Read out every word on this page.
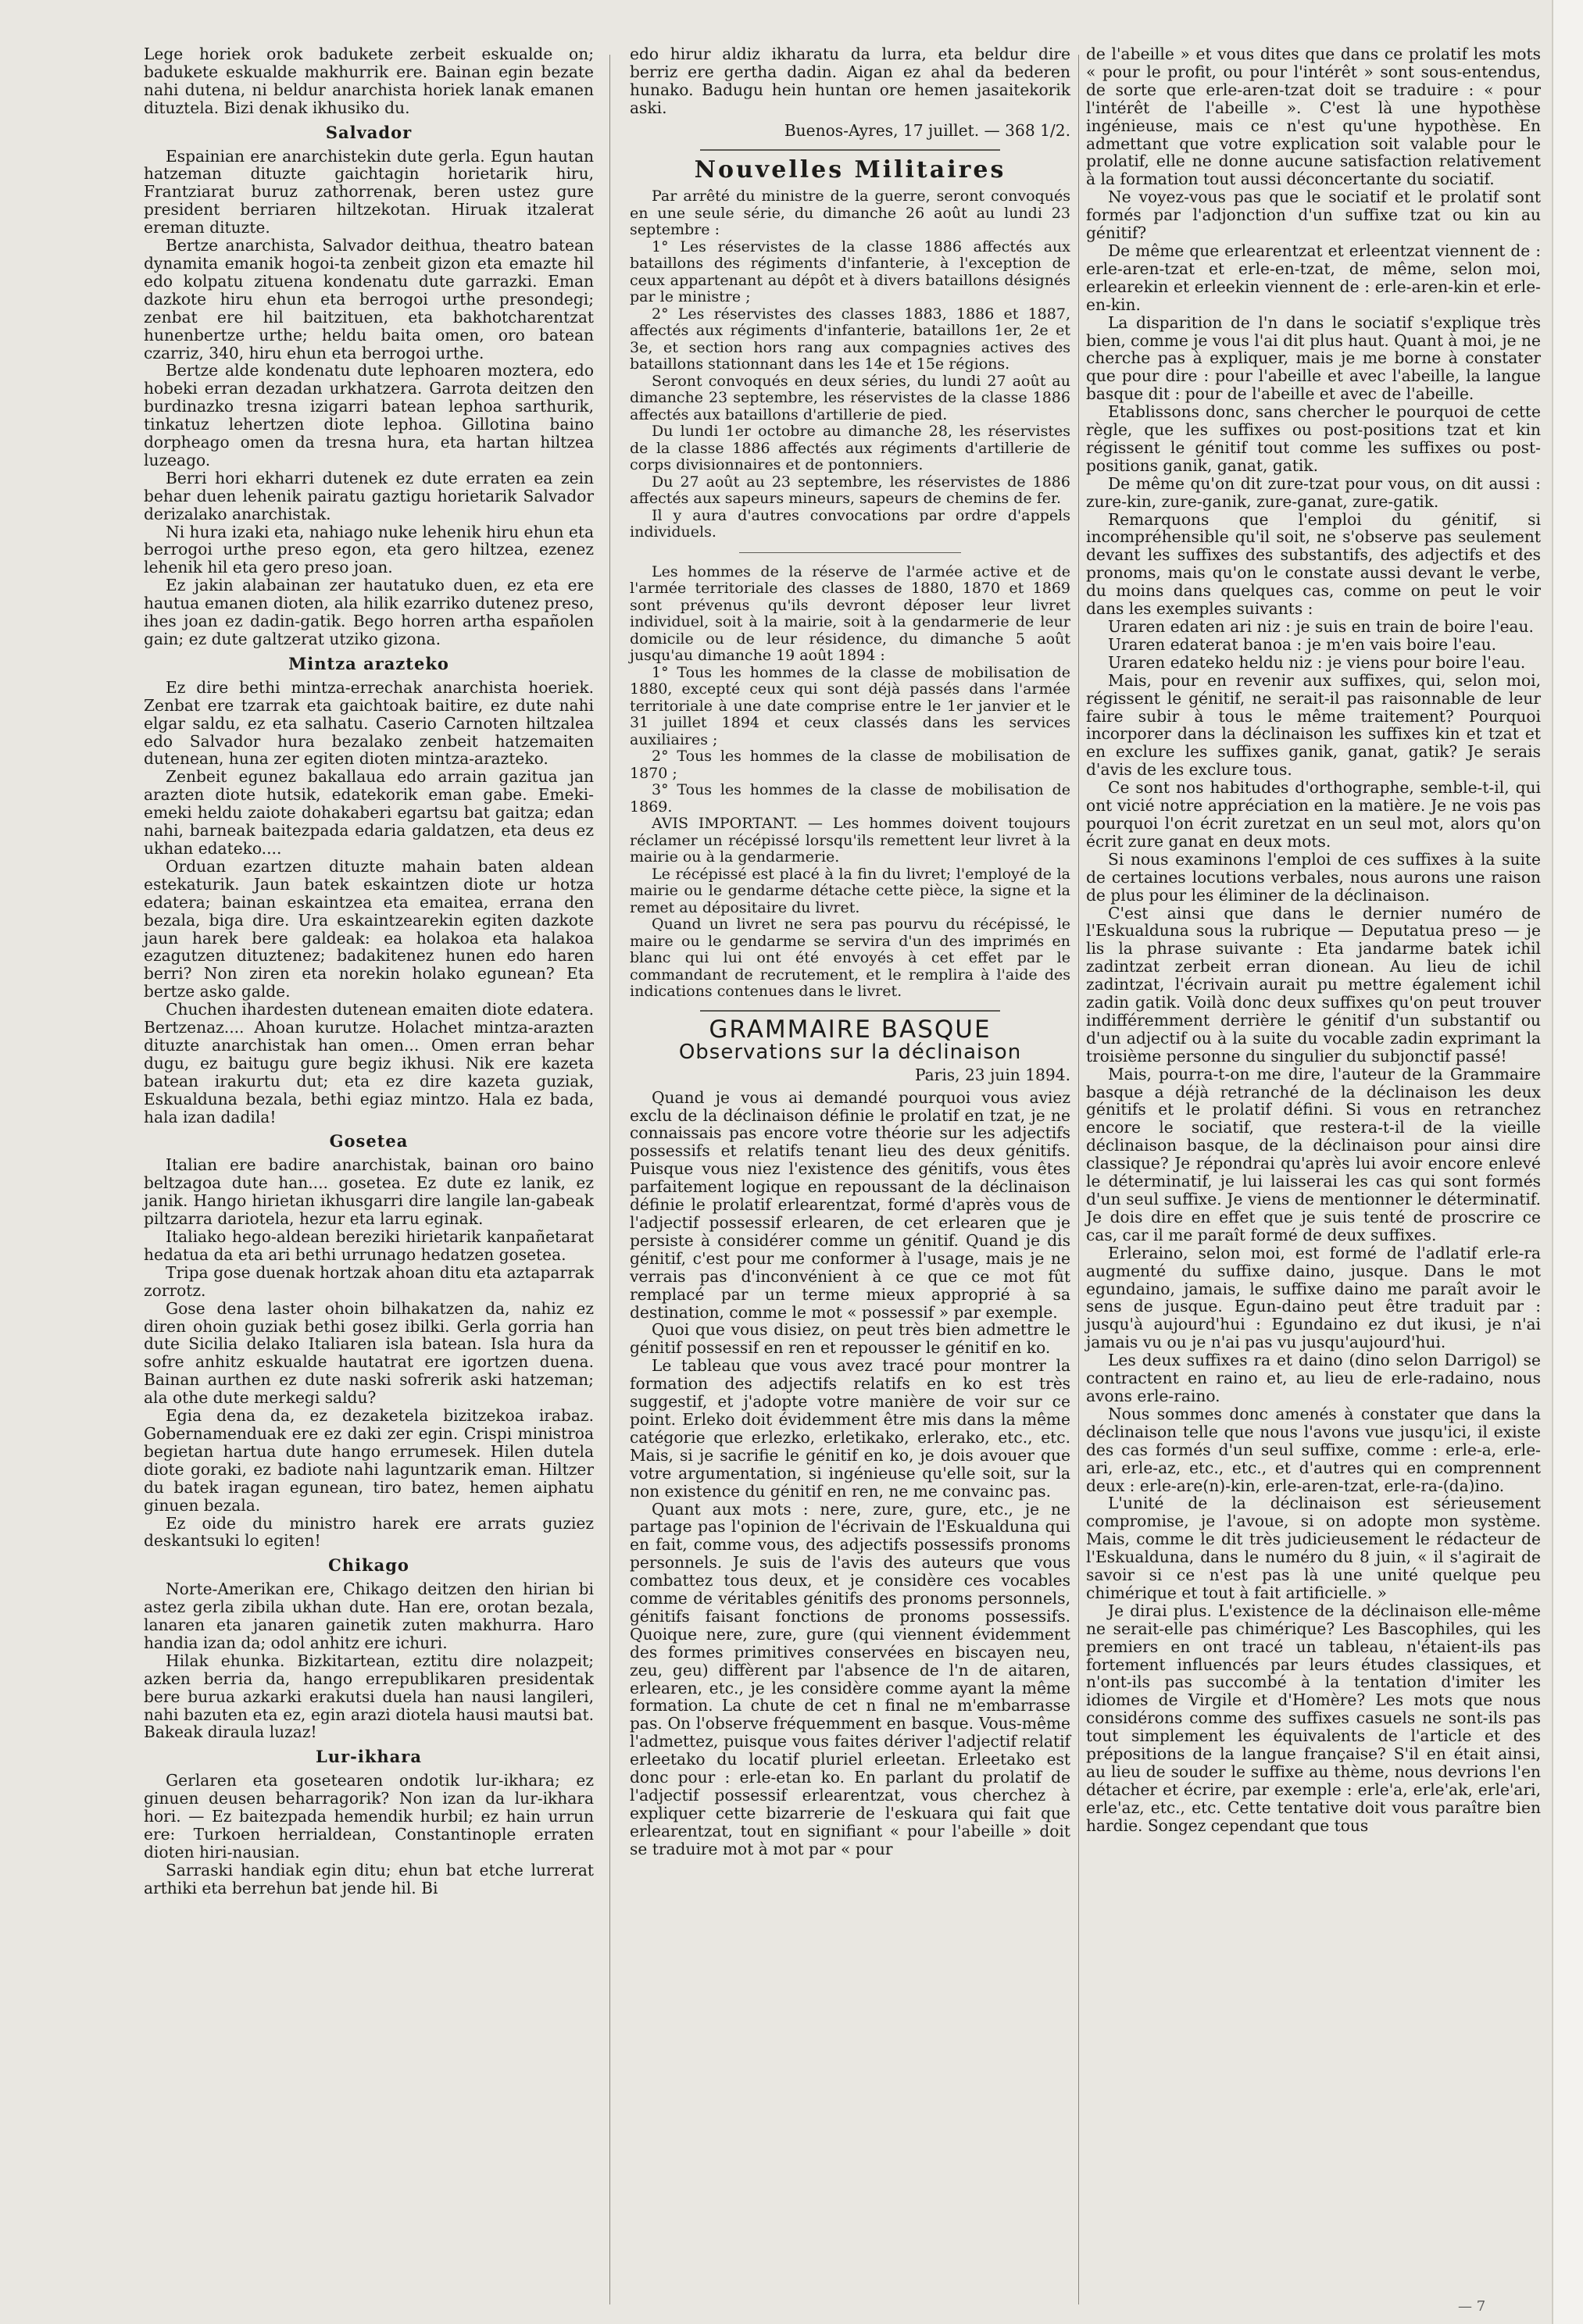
Lege horiek orok badukete zerbeit eskualde on; badukete eskualde makhurrik ere. Bainan egin bezate nahi dutena, ni beldur anarchista horiek lanak emanen dituztela. Bizi denak ikhusiko du.

Salvador

Espainian ere anarchistekin dute gerla. Egun hautan hatzeman dituzte gaichtagin horietarik hiru, Frantziarat buruz zathorrenak, beren ustez gure president berriaren hiltzekotan. Hiruak itzalerat ereman dituzte.

Bertze anarchista, Salvador deithua, theatro batean dynamita emanik hogoi-ta zenbeit gizon eta emazte hil edo kolpatu zituena kondenatu dute garrazki. Eman dazkote hiru ehun eta berrogoi urthe presondegi; zenbat ere hil baitzituen, eta bakhotcharentzat hunenbertze urthe; heldu baita omen, oro batean czarriz, 340, hiru ehun eta berrogoi urthe.

Bertze alde kondenatu dute lephoaren moztera, edo hobeki erran dezadan urkhatzera. Garrota deitzen den burdinazko tresna izigarri batean lephoa sarthurik, tinkatuz lehertzen diote lephoa. Gillotina baino dorpheago omen da tresna hura, eta hartan hiltzea luzeago.

Berri hori ekharri dutenek ez dute erraten ea zein behar duen lehenik pairatu gaztigu horietarik Salvador derizalako anarchistak.

Ni hura izaki eta, nahiago nuke lehenik hiru ehun eta berrogoi urthe preso egon, eta gero hiltzea, ezenez lehenik hil eta gero preso joan.

Ez jakin alabainan zer hautatuko duen, ez eta ere hautua emanen dioten, ala hilik ezarriko dutenez preso, ihes joan ez dadin-gatik. Bego horren artha españolen gain; ez dute galtzerat utziko gizona.

Mintza arazteko

Ez dire bethi mintza-errechak anarchista hoeriek. Zenbat ere tzarrak eta gaichtoak baitire, ez dute nahi elgar saldu, ez eta salhatu. Caserio Carnoten hiltzalea edo Salvador hura bezalako zenbeit hatzemaiten dutenean, huna zer egiten dioten mintza-arazteko.

Zenbeit egunez bakallaua edo arrain gazitua jan arazten diote hutsik, edatekorik eman gabe. Emeki-emeki heldu zaiote dohakaberi egartsu bat gaitza; edan nahi, barneak baitezpada edaria galdatzen, eta deus ez ukhan edateko....

Orduan ezartzen dituzte mahain baten aldean estekaturik. Jaun batek eskaintzen diote ur hotza edatera; bainan eskaintzea eta emaitea, errana den bezala, biga dire. Ura eskaintzearekin egiten dazkote jaun harek bere galdeak: ea holakoa eta halakoa ezagutzen dituztenez; badakitenez hunen edo haren berri? Non ziren eta norekin holako egunean? Eta bertze asko galde.

Chuchen ihardesten dutenean emaiten diote edatera. Bertzenaz.... Ahoan kurutze. Holachet mintza-arazten dituzte anarchistak han omen... Omen erran behar dugu, ez baitugu gure begiz ikhusi. Nik ere kazeta batean irakurtu dut; eta ez dire kazeta guziak, Eskualduna bezala, bethi egiaz mintzo. Hala ez bada, hala izan dadila!

Gosetea

Italian ere badire anarchistak, bainan oro baino beltzagoa dute han.... gosetea. Ez dute ez lanik, ez janik. Hango hirietan ikhusgarri dire langile lan-gabeak piltzarra dariotela, hezur eta larru eginak.

Italiako hego-aldean bereziki hirietarik kanpañetarat hedatua da eta ari bethi urrunago hedatzen gosetea.

Tripa gose duenak hortzak ahoan ditu eta aztaparrak zorrotz.

Gose dena laster ohoin bilhakatzen da, nahiz ez diren ohoin guziak bethi gosez ibilki. Gerla gorria han dute Sicilia delako Italiaren isla batean. Isla hura da sofre anhitz eskualde hautatrat ere igortzen duena. Bainan aurthen ez dute naski sofrerik aski hatzeman; ala othe dute merkegi saldu?

Egia dena da, ez dezaketela bizitzekoa irabaz. Gobernamenduak ere ez daki zer egin. Crispi ministroa begietan hartua dute hango errumesek. Hilen dutela diote goraki, ez badiote nahi laguntzarik eman. Hiltzer du batek iragan egunean, tiro batez, hemen aiphatu ginuen bezala.

Ez oide du ministro harek ere arrats guziez deskantsuki lo egiten!

Chikago

Norte-Amerikan ere, Chikago deitzen den hirian bi astez gerla zibila ukhan dute. Han ere, orotan bezala, lanaren eta janaren gainetik zuten makhurra. Haro handia izan da; odol anhitz ere ichuri.

Hilak ehunka. Bizkitartean, eztitu dire nolazpeit; azken berria da, hango errepublikaren presidentak bere burua azkarki erakutsi duela han nausi langileri, nahi bazuten eta ez, egin arazi diotela hausi mautsi bat. Bakeak diraula luzaz!

Lur-ikhara

Gerlaren eta gosetearen ondotik lur-ikhara; ez ginuen deusen beharragorik? Non izan da lur-ikhara hori. — Ez baitezpada hemendik hurbil; ez hain urrun ere: Turkoen herrialdean, Constantinople erraten dioten hiri-nausian.

Sarraski handiak egin ditu; ehun bat etche lurrerat arthiki eta berrehun bat jende hil. Bi

edo hirur aldiz ikharatu da lurra, eta beldur dire berriz ere gertha dadin. Aigan ez ahal da bederen hunako. Badugu hein huntan ore hemen jasaitekorik aski.

Buenos-Ayres, 17 juillet. — 368 1/2.
Nouvelles Militaires

Par arrêté du ministre de la guerre, seront convoqués en une seule série, du dimanche 26 août au lundi 23 septembre :

1° Les réservistes de la classe 1886 affectés aux bataillons des régiments d'infanterie, à l'exception de ceux appartenant au dépôt et à divers bataillons désignés par le ministre ;

2° Les réservistes des classes 1883, 1886 et 1887, affectés aux régiments d'infanterie, bataillons 1er, 2e et 3e, et section hors rang aux compagnies actives des bataillons stationnant dans les 14e et 15e régions.

Seront convoqués en deux séries, du lundi 27 août au dimanche 23 septembre, les réservistes de la classe 1886 affectés aux bataillons d'artillerie de pied.

Du lundi 1er octobre au dimanche 28, les réservistes de la classe 1886 affectés aux régiments d'artillerie de corps divisionnaires et de pontonniers.

Du 27 août au 23 septembre, les réservistes de 1886 affectés aux sapeurs mineurs, sapeurs de chemins de fer.

Il y aura d'autres convocations par ordre d'appels individuels.

Les hommes de la réserve de l'armée active et de l'armée territoriale des classes de 1880, 1870 et 1869 sont prévenus qu'ils devront déposer leur livret individuel, soit à la mairie, soit à la gendarmerie de leur domicile ou de leur résidence, du dimanche 5 août jusqu'au dimanche 19 août 1894 :

1° Tous les hommes de la classe de mobilisation de 1880, excepté ceux qui sont déjà passés dans l'armée territoriale à une date comprise entre le 1er janvier et le 31 juillet 1894 et ceux classés dans les services auxiliaires ;

2° Tous les hommes de la classe de mobilisation de 1870 ;

3° Tous les hommes de la classe de mobilisation de 1869.

AVIS IMPORTANT. — Les hommes doivent toujours réclamer un récépissé lorsqu'ils remettent leur livret à la mairie ou à la gendarmerie.

Le récépissé est placé à la fin du livret; l'employé de la mairie ou le gendarme détache cette pièce, la signe et la remet au dépositaire du livret.

Quand un livret ne sera pas pourvu du récépissé, le maire ou le gendarme se servira d'un des imprimés en blanc qui lui ont été envoyés à cet effet par le commandant de recrutement, et le remplira à l'aide des indications contenues dans le livret.

GRAMMAIRE BASQUE
Observations sur la déclinaison
Paris, 23 juin 1894.

Quand je vous ai demandé pourquoi vous aviez exclu de la déclinaison définie le prolatif en tzat, je ne connaissais pas encore votre théorie sur les adjectifs possessifs et relatifs tenant lieu des deux génitifs. Puisque vous niez l'existence des génitifs, vous êtes parfaitement logique en repoussant de la déclinaison définie le prolatif erlearentzat, formé d'après vous de l'adjectif possessif erlearen, de cet erlearen que je persiste à considérer comme un génitif. Quand je dis génitif, c'est pour me conformer à l'usage, mais je ne verrais pas d'inconvénient à ce que ce mot fût remplacé par un terme mieux approprié à sa destination, comme le mot « possessif » par exemple.

Quoi que vous disiez, on peut très bien admettre le génitif possessif en ren et repousser le génitif en ko.

Le tableau que vous avez tracé pour montrer la formation des adjectifs relatifs en ko est très suggestif, et j'adopte votre manière de voir sur ce point. Erleko doit évidemment être mis dans la même catégorie que erlezko, erletikako, erlerako, etc., etc. Mais, si je sacrifie le génitif en ko, je dois avouer que votre argumentation, si ingénieuse qu'elle soit, sur la non existence du génitif en ren, ne me convainc pas.

Quant aux mots : nere, zure, gure, etc., je ne partage pas l'opinion de l'écrivain de l'Eskualduna qui en fait, comme vous, des adjectifs possessifs pronoms personnels. Je suis de l'avis des auteurs que vous combattez tous deux, et je considère ces vocables comme de véritables génitifs des pronoms personnels, génitifs faisant fonctions de pronoms possessifs. Quoique nere, zure, gure (qui viennent évidemment des formes primitives conservées en biscayen neu, zeu, geu) diffèrent par l'absence de l'n de aitaren, erlearen, etc., je les considère comme ayant la même formation. La chute de cet n final ne m'embarrasse pas. On l'observe fréquemment en basque. Vous-même l'admettez, puisque vous faites dériver l'adjectif relatif erleetako du locatif pluriel erleetan. Erleetako est donc pour : erle-etan ko. En parlant du prolatif de l'adjectif possessif erlearentzat, vous cherchez à expliquer cette bizarrerie de l'eskuara qui fait que erlearentzat, tout en signifiant « pour l'abeille » doit se traduire mot à mot par « pour

de l'abeille » et vous dites que dans ce prolatif les mots « pour le profit, ou pour l'intérêt » sont sous-entendus, de sorte que erle-aren-tzat doit se traduire : « pour l'intérêt de l'abeille ». C'est là une hypothèse ingénieuse, mais ce n'est qu'une hypothèse. En admettant que votre explication soit valable pour le prolatif, elle ne donne aucune satisfaction relativement à la formation tout aussi déconcertante du sociatif.

Ne voyez-vous pas que le sociatif et le prolatif sont formés par l'adjonction d'un suffixe tzat ou kin au génitif?

De même que erlearentzat et erleentzat viennent de : erle-aren-tzat et erle-en-tzat, de même, selon moi, erlearekin et erleekin viennent de : erle-aren-kin et erle-en-kin.

La disparition de l'n dans le sociatif s'explique très bien, comme je vous l'ai dit plus haut. Quant à moi, je ne cherche pas à expliquer, mais je me borne à constater que pour dire : pour l'abeille et avec l'abeille, la langue basque dit : pour de l'abeille et avec de l'abeille.

Etablissons donc, sans chercher le pourquoi de cette règle, que les suffixes ou post-positions tzat et kin régissent le génitif tout comme les suffixes ou post-positions ganik, ganat, gatik.

De même qu'on dit zure-tzat pour vous, on dit aussi : zure-kin, zure-ganik, zure-ganat, zure-gatik.

Remarquons que l'emploi du génitif, si incompréhensible qu'il soit, ne s'observe pas seulement devant les suffixes des substantifs, des adjectifs et des pronoms, mais qu'on le constate aussi devant le verbe, du moins dans quelques cas, comme on peut le voir dans les exemples suivants :

Uraren edaten ari niz : je suis en train de boire l'eau.

Uraren edaterat banoa : je m'en vais boire l'eau.

Uraren edateko heldu niz : je viens pour boire l'eau.

Mais, pour en revenir aux suffixes, qui, selon moi, régissent le génitif, ne serait-il pas raisonnable de leur faire subir à tous le même traitement? Pourquoi incorporer dans la déclinaison les suffixes kin et tzat et en exclure les suffixes ganik, ganat, gatik? Je serais d'avis de les exclure tous.

Ce sont nos habitudes d'orthographe, semble-t-il, qui ont vicié notre appréciation en la matière. Je ne vois pas pourquoi l'on écrit zuretzat en un seul mot, alors qu'on écrit zure ganat en deux mots.

Si nous examinons l'emploi de ces suffixes à la suite de certaines locutions verbales, nous aurons une raison de plus pour les éliminer de la déclinaison.

C'est ainsi que dans le dernier numéro de l'Eskualduna sous la rubrique — Deputatua preso — je lis la phrase suivante : Eta jandarme batek ichil zadintzat zerbeit erran dionean. Au lieu de ichil zadintzat, l'écrivain aurait pu mettre également ichil zadin gatik. Voilà donc deux suffixes qu'on peut trouver indifféremment derrière le génitif d'un substantif ou d'un adjectif ou à la suite du vocable zadin exprimant la troisième personne du singulier du subjonctif passé!

Mais, pourra-t-on me dire, l'auteur de la Grammaire basque a déjà retranché de la déclinaison les deux génitifs et le prolatif défini. Si vous en retranchez encore le sociatif, que restera-t-il de la vieille déclinaison basque, de la déclinaison pour ainsi dire classique? Je répondrai qu'après lui avoir encore enlevé le déterminatif, je lui laisserai les cas qui sont formés d'un seul suffixe. Je viens de mentionner le déterminatif. Je dois dire en effet que je suis tenté de proscrire ce cas, car il me paraît formé de deux suffixes.

Erleraino, selon moi, est formé de l'adlatif erle-ra augmenté du suffixe daino, jusque. Dans le mot egundaino, jamais, le suffixe daino me paraît avoir le sens de jusque. Egun-daino peut être traduit par : jusqu'à aujourd'hui : Egundaino ez dut ikusi, je n'ai jamais vu ou je n'ai pas vu jusqu'aujourd'hui.

Les deux suffixes ra et daino (dino selon Darrigol) se contractent en raino et, au lieu de erle-radaino, nous avons erle-raino.

Nous sommes donc amenés à constater que dans la déclinaison telle que nous l'avons vue jusqu'ici, il existe des cas formés d'un seul suffixe, comme : erle-a, erle-ari, erle-az, etc., etc., et d'autres qui en comprennent deux : erle-are(n)-kin, erle-aren-tzat, erle-ra-(da)ino.

L'unité de la déclinaison est sérieusement compromise, je l'avoue, si on adopte mon système. Mais, comme le dit très judicieusement le rédacteur de l'Eskualduna, dans le numéro du 8 juin, « il s'agirait de savoir si ce n'est pas là une unité quelque peu chimérique et tout à fait artificielle. »

Je dirai plus. L'existence de la déclinaison elle-même ne serait-elle pas chimérique? Les Bascophiles, qui les premiers en ont tracé un tableau, n'étaient-ils pas fortement influencés par leurs études classiques, et n'ont-ils pas succombé à la tentation d'imiter les idiomes de Virgile et d'Homère? Les mots que nous considérons comme des suffixes casuels ne sont-ils pas tout simplement les équivalents de l'article et des prépositions de la langue française? S'il en était ainsi, au lieu de souder le suffixe au thème, nous devrions l'en détacher et écrire, par exemple : erle'a, erle'ak, erle'ari, erle'az, etc., etc. Cette tentative doit vous paraître bien hardie. Songez cependant que tous

— 7
